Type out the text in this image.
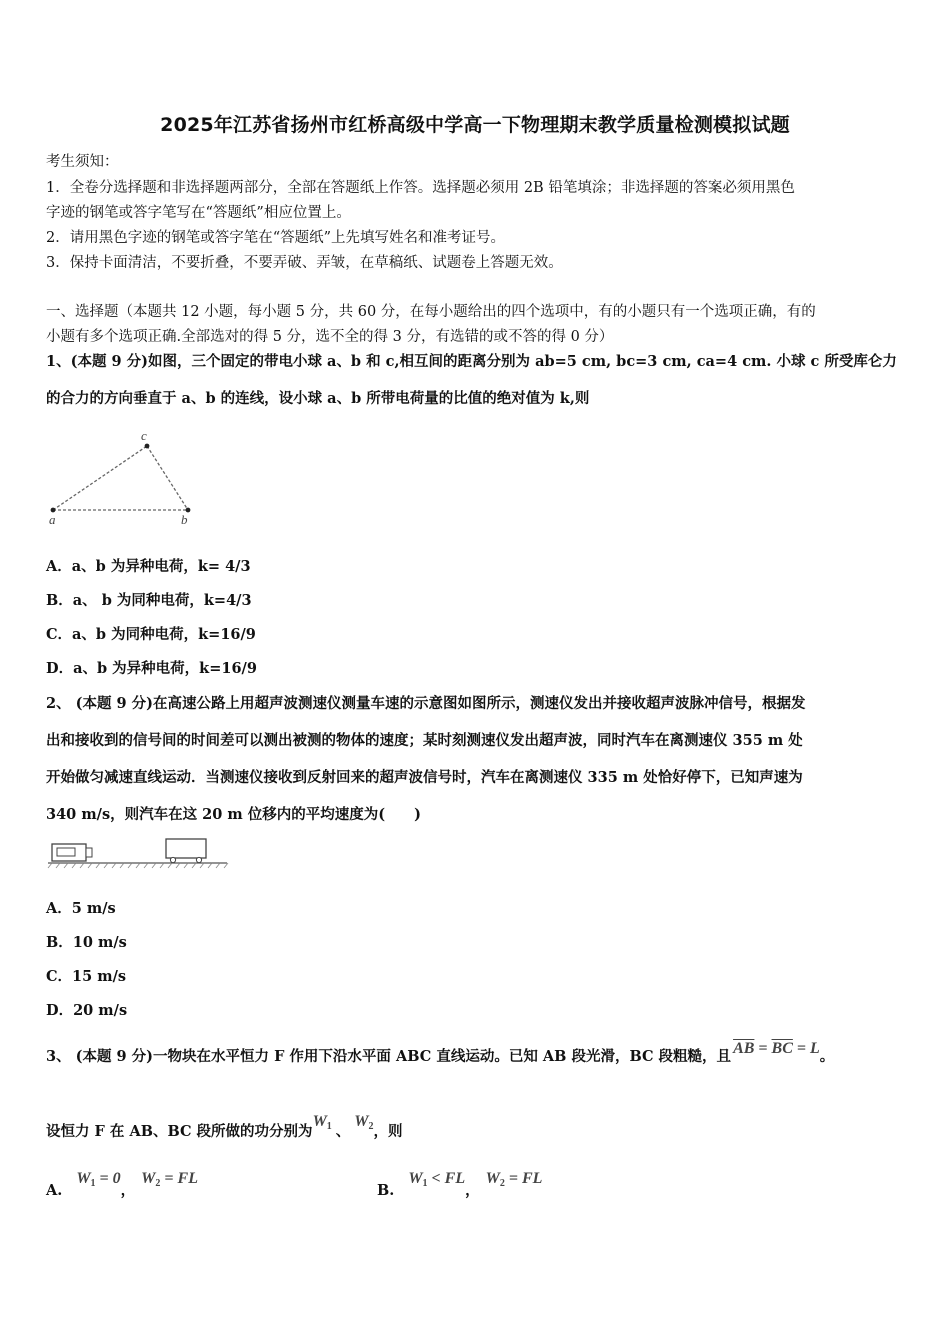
2025年江苏省扬州市红桥高级中学高一下物理期末教学质量检测模拟试题
考生须知：
1．全卷分选择题和非选择题两部分，全部在答题纸上作答。选择题必须用 2B 铅笔填涂；非选择题的答案必须用黑色
字迹的钢笔或答字笔写在“答题纸”相应位置上。
2．请用黑色字迹的钢笔或答字笔在“答题纸”上先填写姓名和准考证号。
3．保持卡面清洁，不要折叠，不要弄破、弄皱，在草稿纸、试题卷上答题无效。
一、选择题（本题共 12 小题，每小题 5 分，共 60 分，在每小题给出的四个选项中，有的小题只有一个选项正确，有的
小题有多个选项正确.全部选对的得 5 分，选不全的得 3 分，有选错的或不答的得 0 分）
1、(本题 9 分)如图，三个固定的带电小球 a、b 和 c,相互间的距离分别为 ab=5 cm, bc=3 cm, ca=4 cm. 小球 c 所受库仑力
的合力的方向垂直于 a、b 的连线，设小球 a、b 所带电荷量的比值的绝对值为 k,则
a	b
c
A．a、b 为异种电荷，k= 4/3
B．a、 b 为同种电荷，k=4/3
C．a、b 为同种电荷，k=16/9
D．a、b 为异种电荷，k=16/9
2、 (本题 9 分)在高速公路上用超声波测速仪测量车速的示意图如图所示，测速仪发出并接收超声波脉冲信号，根据发
出和接收到的信号间的时间差可以测出被测的物体的速度；某时刻测速仪发出超声波，同时汽车在离测速仪 355 m 处
开始做匀减速直线运动．当测速仪接收到反射回来的超声波信号时，汽车在离测速仪 335 m 处恰好停下，已知声速为
340 m/s，则汽车在这 20 m 位移内的平均速度为(　　)
A．5 m/s
B．10 m/s
C．15 m/s
D．20 m/s
3、 (本题 9 分)一物块在水平恒力 F 作用下沿水平面 ABC 直线运动。已知 AB 段光滑，BC 段粗糙，且 $\overline{AB} = \overline{BC} = L$。
设恒力 F 在 AB、BC 段所做的功分别为$W_1$ 、$W_2$，则
$A.W_1 = 0$，$W_2$ = FL
$B.W_1$ < FL，$W_2$ = FL
